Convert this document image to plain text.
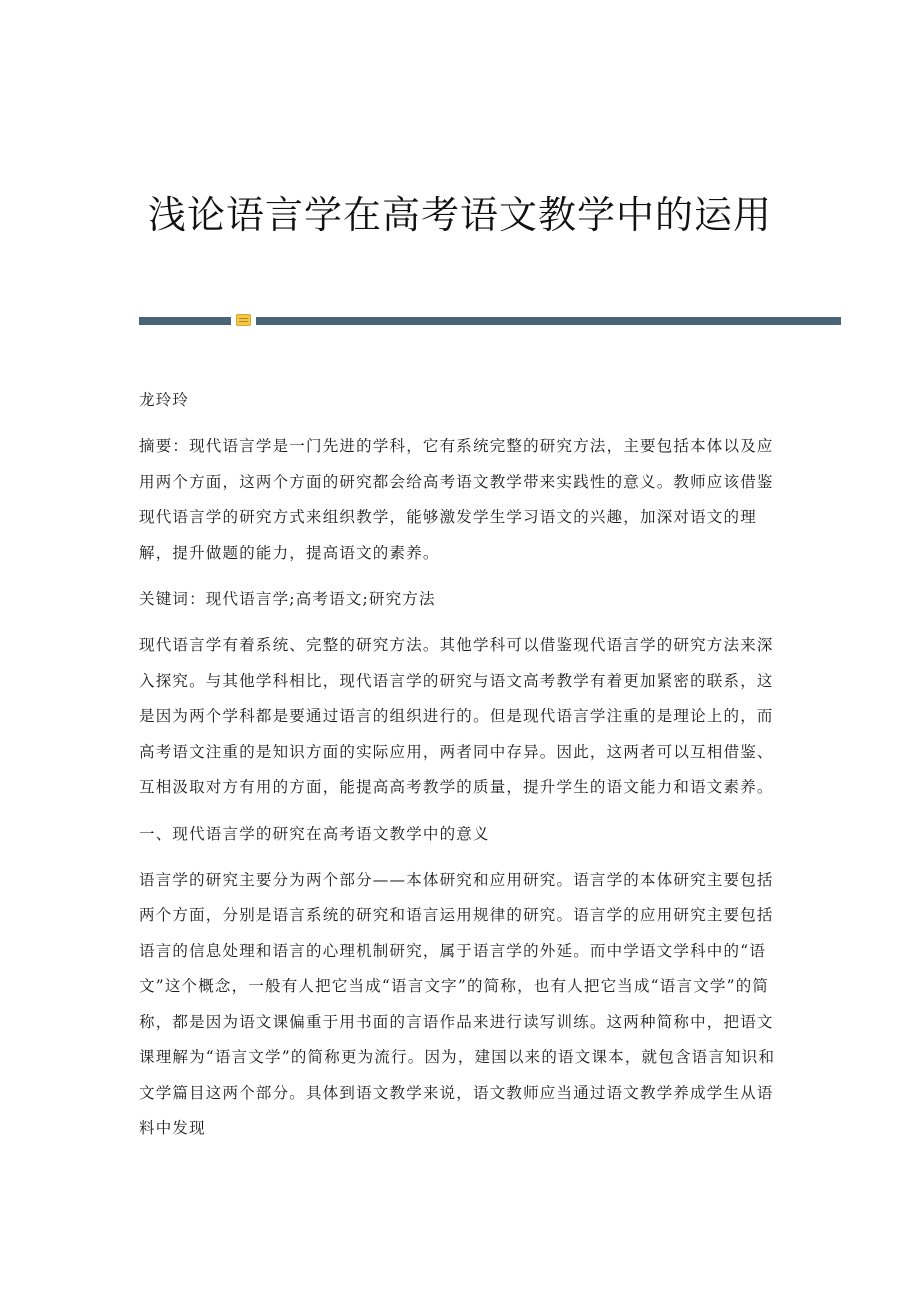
浅论语言学在高考语文教学中的运用

龙玲玲

摘要：现代语言学是一门先进的学科，它有系统完整的研究方法，主要包括本体以及应用两个方面，这两个方面的研究都会给高考语文教学带来实践性的意义。教师应该借鉴现代语言学的研究方式来组织教学，能够激发学生学习语文的兴趣，加深对语文的理解，提升做题的能力，提高语文的素养。

关键词：现代语言学;高考语文;研究方法

现代语言学有着系统、完整的研究方法。其他学科可以借鉴现代语言学的研究方法来深入探究。与其他学科相比，现代语言学的研究与语文高考教学有着更加紧密的联系，这是因为两个学科都是要通过语言的组织进行的。但是现代语言学注重的是理论上的，而高考语文注重的是知识方面的实际应用，两者同中存异。因此，这两者可以互相借鉴、互相汲取对方有用的方面，能提高高考教学的质量，提升学生的语文能力和语文素养。

一、现代语言学的研究在高考语文教学中的意义

语言学的研究主要分为两个部分——本体研究和应用研究。语言学的本体研究主要包括两个方面，分别是语言系统的研究和语言运用规律的研究。语言学的应用研究主要包括语言的信息处理和语言的心理机制研究，属于语言学的外延。而中学语文学科中的“语文”这个概念，一般有人把它当成“语言文字”的简称，也有人把它当成“语言文学”的简称，都是因为语文课偏重于用书面的言语作品来进行读写训练。这两种简称中，把语文课理解为“语言文学”的简称更为流行。因为，建国以来的语文课本，就包含语言知识和文学篇目这两个部分。具体到语文教学来说，语文教师应当通过语文教学养成学生从语料中发现
